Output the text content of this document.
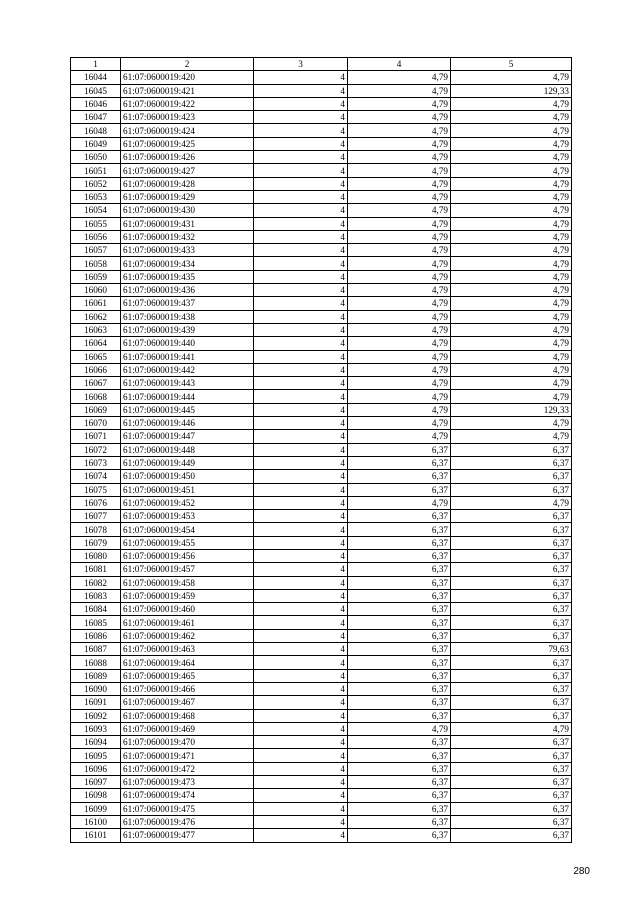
1	2	3	4	5
16044	61:07:0600019:420	4	4,79	4,79
16045	61:07:0600019:421	4	4,79	129,33
16046	61:07:0600019:422	4	4,79	4,79
16047	61:07:0600019:423	4	4,79	4,79
16048	61:07:0600019:424	4	4,79	4,79
16049	61:07:0600019:425	4	4,79	4,79
16050	61:07:0600019:426	4	4,79	4,79
16051	61:07:0600019:427	4	4,79	4,79
16052	61:07:0600019:428	4	4,79	4,79
16053	61:07:0600019:429	4	4,79	4,79
16054	61:07:0600019:430	4	4,79	4,79
16055	61:07:0600019:431	4	4,79	4,79
16056	61:07:0600019:432	4	4,79	4,79
16057	61:07:0600019:433	4	4,79	4,79
16058	61:07:0600019:434	4	4,79	4,79
16059	61:07:0600019:435	4	4,79	4,79
16060	61:07:0600019:436	4	4,79	4,79
16061	61:07:0600019:437	4	4,79	4,79
16062	61:07:0600019:438	4	4,79	4,79
16063	61:07:0600019:439	4	4,79	4,79
16064	61:07:0600019:440	4	4,79	4,79
16065	61:07:0600019:441	4	4,79	4,79
16066	61:07:0600019:442	4	4,79	4,79
16067	61:07:0600019:443	4	4,79	4,79
16068	61:07:0600019:444	4	4,79	4,79
16069	61:07:0600019:445	4	4,79	129,33
16070	61:07:0600019:446	4	4,79	4,79
16071	61:07:0600019:447	4	4,79	4,79
16072	61:07:0600019:448	4	6,37	6,37
16073	61:07:0600019:449	4	6,37	6,37
16074	61:07:0600019:450	4	6,37	6,37
16075	61:07:0600019:451	4	6,37	6,37
16076	61:07:0600019:452	4	4,79	4,79
16077	61:07:0600019:453	4	6,37	6,37
16078	61:07:0600019:454	4	6,37	6,37
16079	61:07:0600019:455	4	6,37	6,37
16080	61:07:0600019:456	4	6,37	6,37
16081	61:07:0600019:457	4	6,37	6,37
16082	61:07:0600019:458	4	6,37	6,37
16083	61:07:0600019:459	4	6,37	6,37
16084	61:07:0600019:460	4	6,37	6,37
16085	61:07:0600019:461	4	6,37	6,37
16086	61:07:0600019:462	4	6,37	6,37
16087	61:07:0600019:463	4	6,37	79,63
16088	61:07:0600019:464	4	6,37	6,37
16089	61:07:0600019:465	4	6,37	6,37
16090	61:07:0600019:466	4	6,37	6,37
16091	61:07:0600019:467	4	6,37	6,37
16092	61:07:0600019:468	4	6,37	6,37
16093	61:07:0600019:469	4	4,79	4,79
16094	61:07:0600019:470	4	6,37	6,37
16095	61:07:0600019:471	4	6,37	6,37
16096	61:07:0600019:472	4	6,37	6,37
16097	61:07:0600019:473	4	6,37	6,37
16098	61:07:0600019:474	4	6,37	6,37
16099	61:07:0600019:475	4	6,37	6,37
16100	61:07:0600019:476	4	6,37	6,37
16101	61:07:0600019:477	4	6,37	6,37
280
